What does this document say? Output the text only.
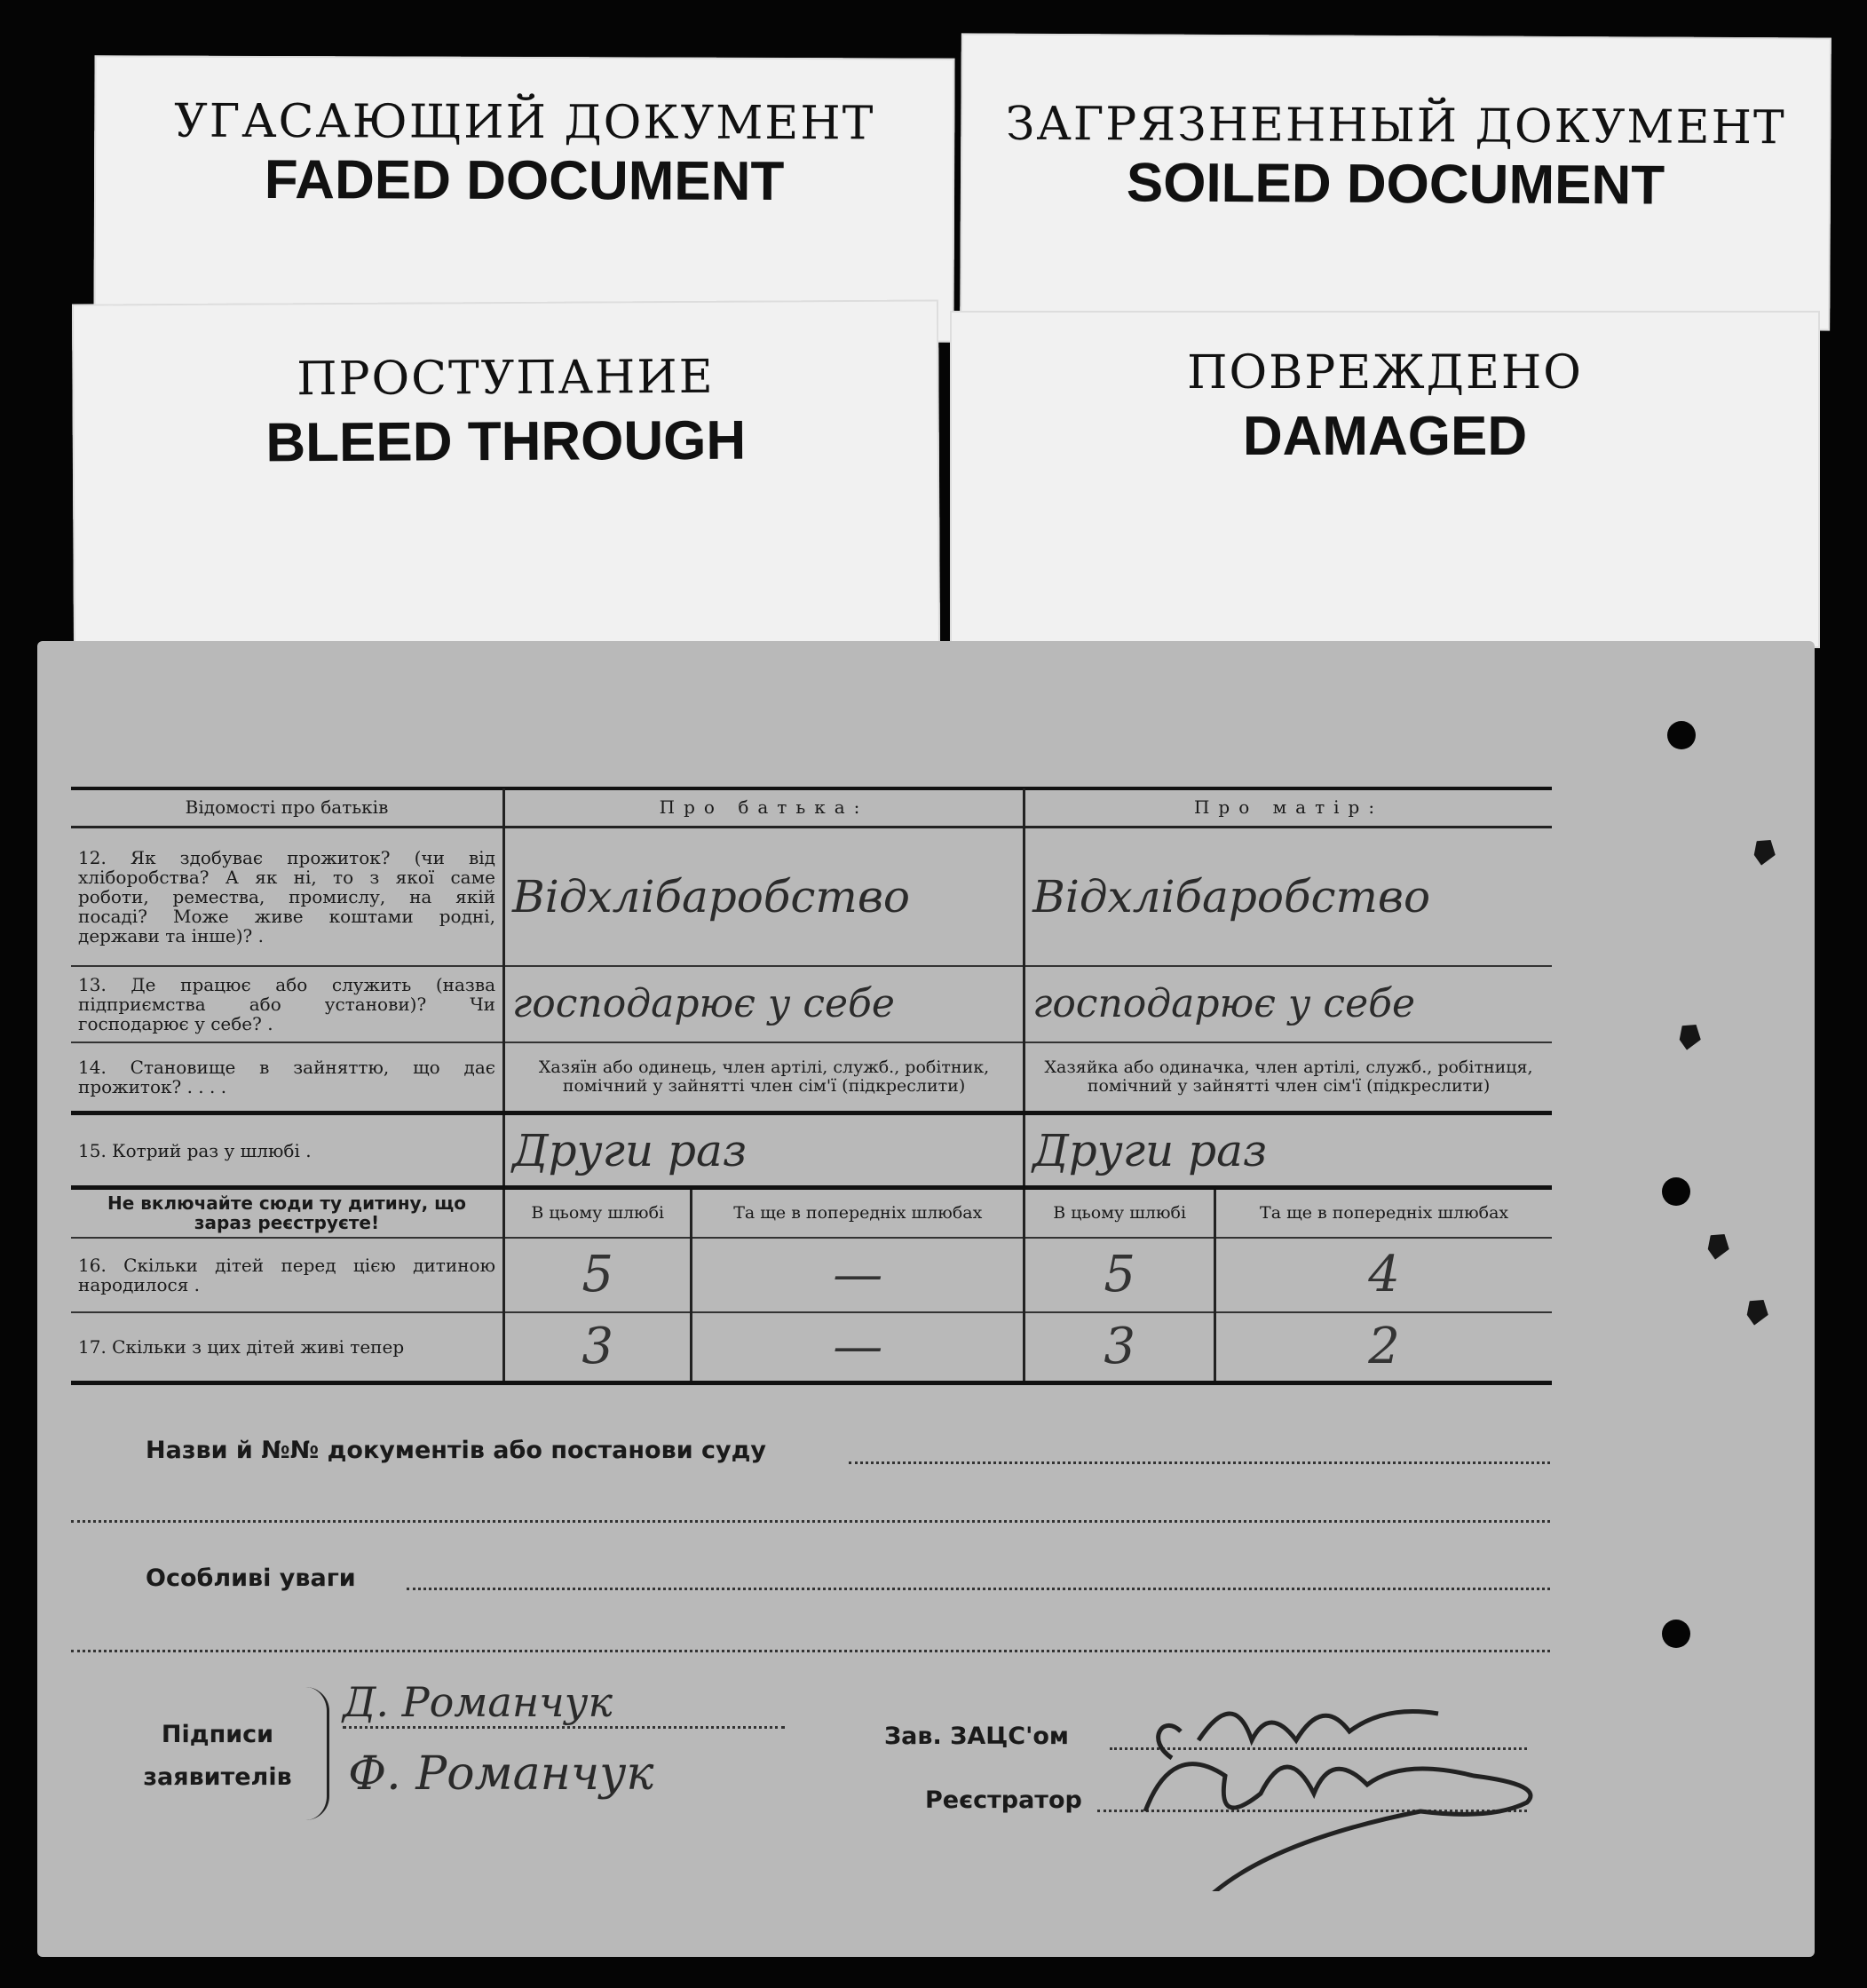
УГАСАЮЩИЙ ДОКУМЕНТ
FADED DOCUMENT
ЗАГРЯЗНЕННЫЙ ДОКУМЕНТ
SOILED DOCUMENT
ПРОСТУПАНИЕ
BLEED THROUGH
ПОВРЕЖДЕНО
DAMAGED
Відомості про батьків	Про батька:		Про матір:	
12. Як здобуває прожиток? (чи від хліборобства? А як ні, то з якої саме роботи, ремества, промислу, на якій посаді? Може живе коштами родні, держави та інше)? .	Відхлібаробство		Відхлібаробство	
13. Де працює або служить (назва підприємства або установи)? Чи господарює у себе? .	господарює у себе		господарює у себе	
14. Становище в зайняттю, що дає прожиток? . . . .	Хазяїн або одинець, член артілі, служб., робітник, помічний у зайнятті член сім'ї (підкреслити)		Хазяйка або одиначка, член артілі, служб., робітниця, помічний у зайнятті член сім'ї (підкреслити)	
15. Котрий раз у шлюбі .	Други раз		Други раз	
Не включайте сюди ту дитину, що зараз реєструєте!	В цьому шлюбі	Та ще в попередніх шлюбах	В цьому шлюбі	Та ще в попередніх шлюбах
16. Скільки дітей перед цією дитиною народилося .	5	—	5	4
17. Скільки з цих дітей живі тепер	3	—	3	2
Назви й №№ документів або постанови суду
Особливі уваги
Підписи заявителів
Д. Романчук
Ф. Романчук
Зав. ЗАЦС'ом
Реєстратор
